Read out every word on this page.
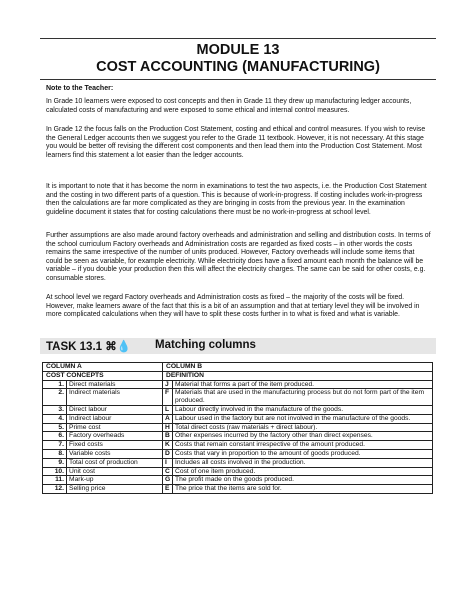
MODULE 13
COST ACCOUNTING (MANUFACTURING)
Note to the Teacher:

In Grade 10 learners were exposed to cost concepts and then in Grade 11 they drew up manufacturing ledger accounts, calculated costs of manufacturing and were exposed to some ethical and internal control measures.

In Grade 12 the focus falls on the Production Cost Statement, costing and ethical and control measures. If you wish to revise the General Ledger accounts then we suggest you refer to the Grade 11 textbook. However, it is not necessary. At this stage you would be better off revising the different cost components and then lead them into the Production Cost Statement. Most learners find this statement a lot easier than the ledger accounts.

It is important to note that it has become the norm in examinations to test the two aspects, i.e. the Production Cost Statement and the costing in two different parts of a question. This is because of work-in-progress. If costing includes work-in-progress then the calculations are far more complicated as they are bringing in costs from the previous year. In the examination guideline document it states that for costing calculations there must be no work-in-progress at school level.

Further assumptions are also made around factory overheads and administration and selling and distribution costs. In terms of the school curriculum Factory overheads and Administration costs are regarded as fixed costs – in other words the costs remains the same irrespective of the number of units produced. However, Factory overheads will include some items that could be seen as variable, for example electricity. While electricity does have a fixed amount each month the balance will be variable – if you double your production then this will affect the electricity charges. The same can be said for other costs, e.g. consumable stores.

At school level we regard Factory overheads and Administration costs as fixed – the majority of the costs will be fixed. However, make learners aware of the fact that this is a bit of an assumption and that at tertiary level they will be involved in more complicated calculations when they will have to split these costs further in to what is fixed and what is variable.

TASK 13.1 ⌘💧 Matching columns
COLUMN A		COLUMN B	
COST CONCEPTS		DEFINITION	
1.	Direct materials	J	Material that forms a part of the item produced.
2.	Indirect materials	F	Materials that are used in the manufacturing process but do not form part of the item produced.
3.	Direct labour	L	Labour directly involved in the manufacture of the goods.
4.	Indirect labour	A	Labour used in the factory but are not involved in the manufacture of the goods.
5.	Prime cost	H	Total direct costs (raw materials + direct labour).
6.	Factory overheads	B	Other expenses incurred by the factory other than direct expenses.
7.	Fixed costs	K	Costs that remain constant irrespective of the amount produced.
8.	Variable costs	D	Costs that vary in proportion to the amount of goods produced.
9.	Total cost of production	I	Includes all costs involved in the production.
10.	Unit cost	C	Cost of one item produced.
11.	Mark-up	G	The profit made on the goods produced.
12.	Selling price	E	The price that the items are sold for.
